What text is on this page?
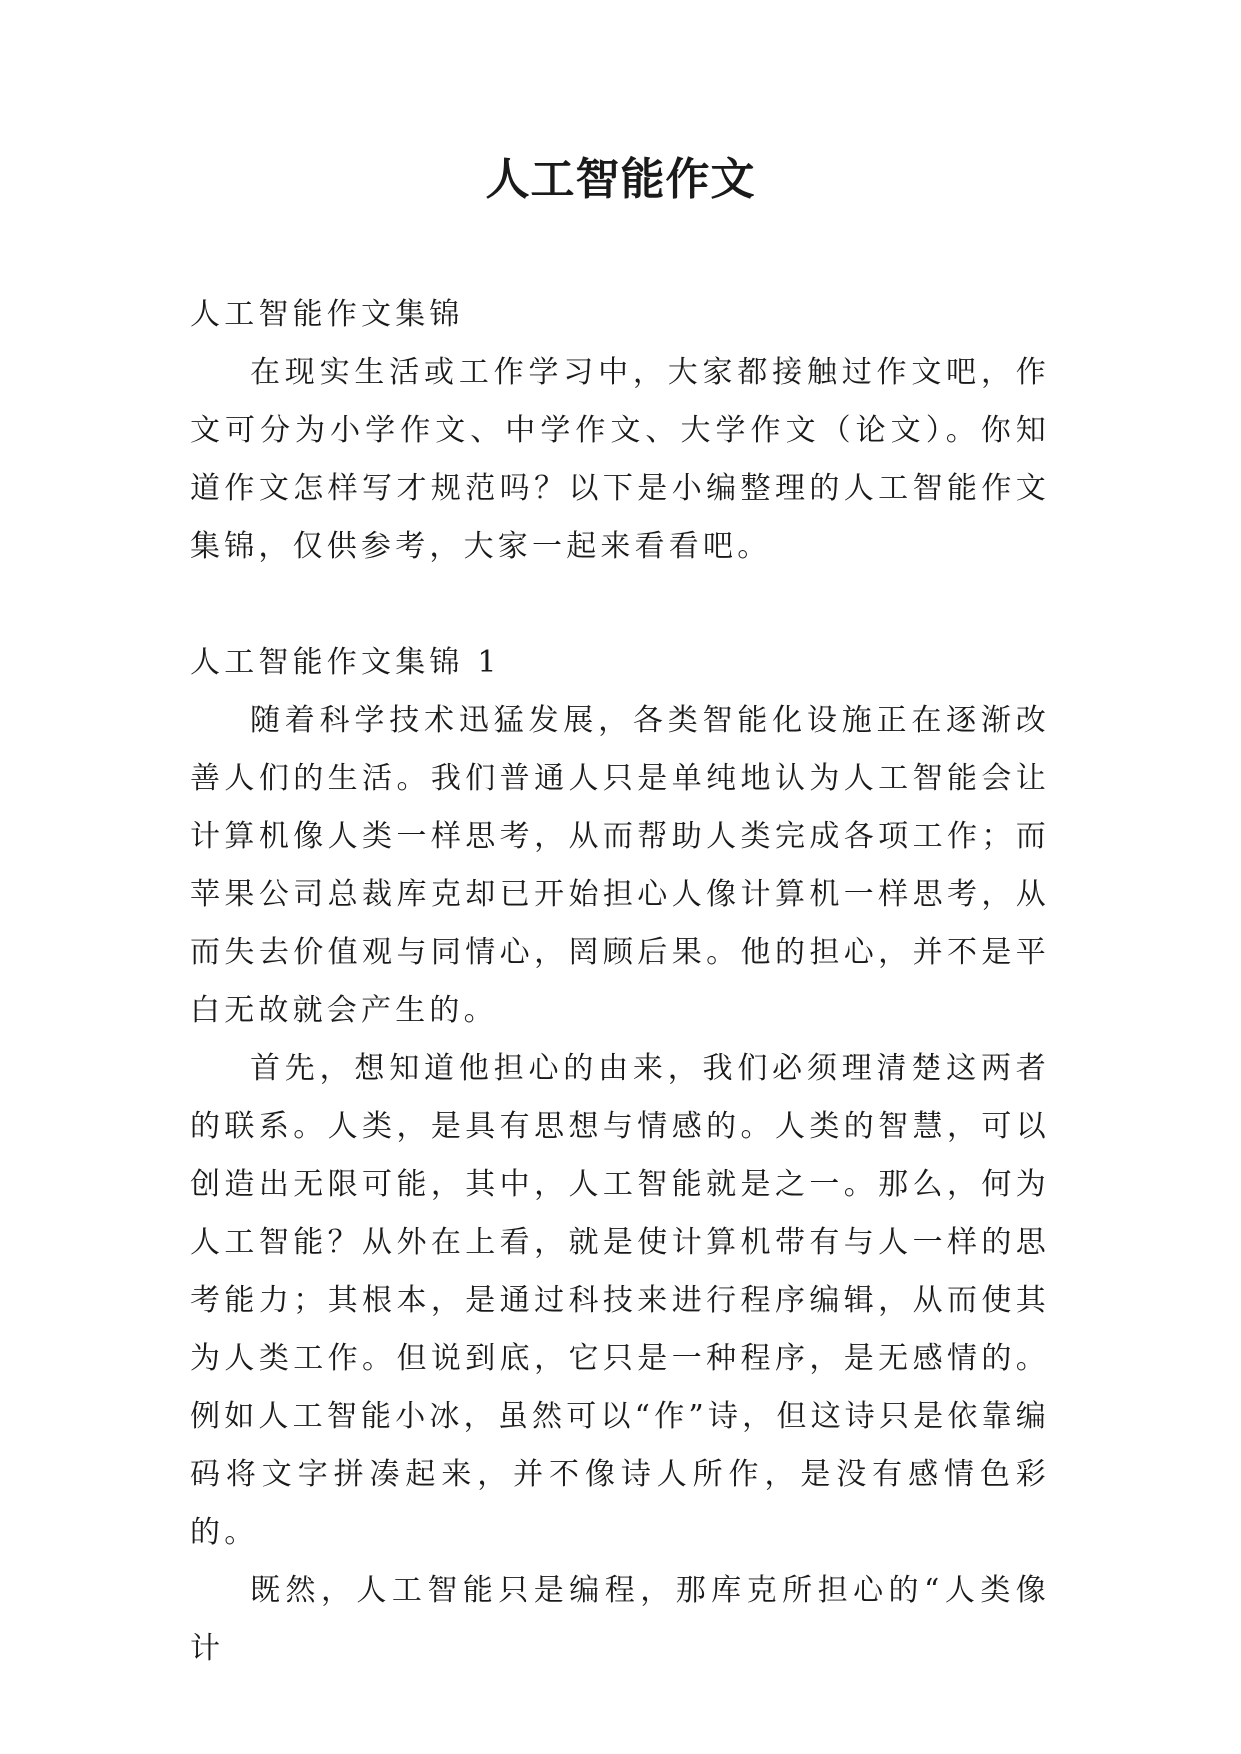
人工智能作文

人工智能作文集锦

在现实生活或工作学习中，大家都接触过作文吧，作文可分为小学作文、中学作文、大学作文（论文）。你知道作文怎样写才规范吗？以下是小编整理的人工智能作文集锦，仅供参考，大家一起来看看吧。

人工智能作文集锦 1

随着科学技术迅猛发展，各类智能化设施正在逐渐改善人们的生活。我们普通人只是单纯地认为人工智能会让计算机像人类一样思考，从而帮助人类完成各项工作；而苹果公司总裁库克却已开始担心人像计算机一样思考，从而失去价值观与同情心，罔顾后果。他的担心，并不是平白无故就会产生的。

首先，想知道他担心的由来，我们必须理清楚这两者的联系。人类，是具有思想与情感的。人类的智慧，可以创造出无限可能，其中，人工智能就是之一。那么，何为人工智能？从外在上看，就是使计算机带有与人一样的思考能力；其根本，是通过科技来进行程序编辑，从而使其为人类工作。但说到底，它只是一种程序，是无感情的。例如人工智能小冰，虽然可以“作”诗，但这诗只是依靠编码将文字拼凑起来，并不像诗人所作，是没有感情色彩的。

既然，人工智能只是编程，那库克所担心的“人类像计
